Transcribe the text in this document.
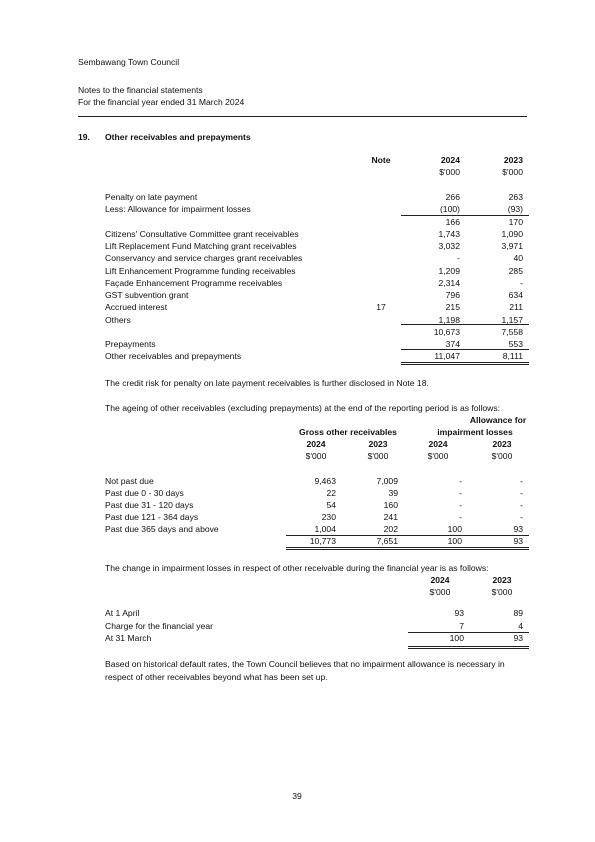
Sembawang Town Council
Notes to the financial statements
For the financial year ended 31 March 2024
19. Other receivables and prepayments
Note	2024	2023
$'000	$'000
Penalty on late payment	266	263
Less: Allowance for impairment losses	(100)	(93)
166	170
Citizens' Consultative Committee grant receivables	1,743	1,090
Lift Replacement Fund Matching grant receivables	3,032	3,971
Conservancy and service charges grant receivables	-	40
Lift Enhancement Programme funding receivables	1,209	285
Façade Enhancement Programme receivables	2,314	-
GST subvention grant	796	634
Accrued interest	17	215	211
Others	1,198	1,157
10,673	7,558
Prepayments	374	553
Other receivables and prepayments	11,047	8,111
The credit risk for penalty on late payment receivables is further disclosed in Note 18.
The ageing of other receivables (excluding prepayments) at the end of the reporting period is as follows:
Allowance for
Gross other receivables	impairment losses
2024	2023	2024	2023
$'000	$'000	$'000	$'000
Not past due	9,463	7,009	-	-
Past due 0 - 30 days	22	39	-	-
Past due 31 - 120 days	54	160	-	-
Past due 121 - 364 days	230	241	-	-
Past due 365 days and above	1,004	202	100	93
10,773	7,651	100	93
The change in impairment losses in respect of other receivable during the financial year is as follows:
2024	2023
$'000	$'000
At 1 April	93	89
Charge for the financial year	7	4
At 31 March	100	93
Based on historical default rates, the Town Council believes that no impairment allowance is necessary in
respect of other receivables beyond what has been set up.
39
